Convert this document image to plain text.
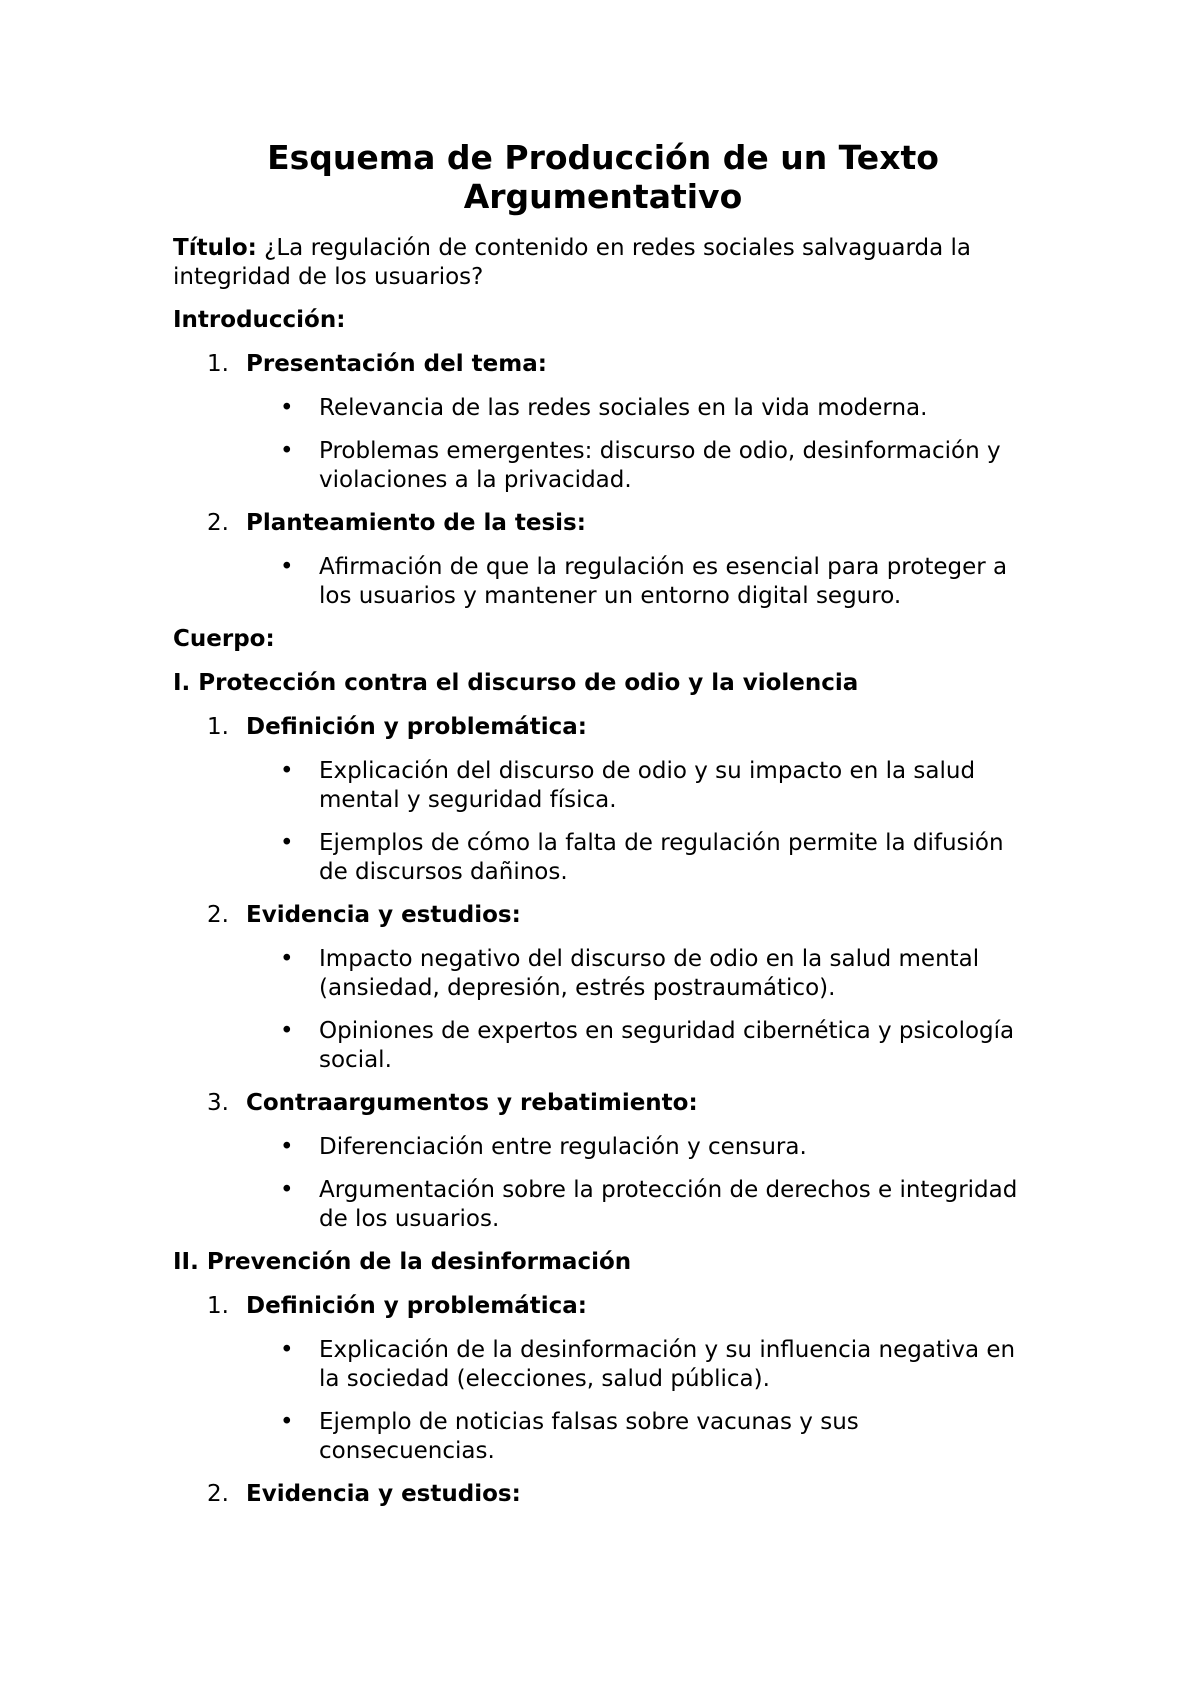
Esquema de Producción de un Texto Argumentativo

Título: ¿La regulación de contenido en redes sociales salvaguarda la integridad de los usuarios?

Introducción:

1. Presentación del tema:
• Relevancia de las redes sociales en la vida moderna.
• Problemas emergentes: discurso de odio, desinformación y violaciones a la privacidad.
2. Planteamiento de la tesis:
• Afirmación de que la regulación es esencial para proteger a los usuarios y mantener un entorno digital seguro.

Cuerpo:

I. Protección contra el discurso de odio y la violencia

1. Definición y problemática:
• Explicación del discurso de odio y su impacto en la salud mental y seguridad física.
• Ejemplos de cómo la falta de regulación permite la difusión de discursos dañinos.
2. Evidencia y estudios:
• Impacto negativo del discurso de odio en la salud mental (ansiedad, depresión, estrés postraumático).
• Opiniones de expertos en seguridad cibernética y psicología social.
3. Contraargumentos y rebatimiento:
• Diferenciación entre regulación y censura.
• Argumentación sobre la protección de derechos e integridad de los usuarios.

II. Prevención de la desinformación

1. Definición y problemática:
• Explicación de la desinformación y su influencia negativa en la sociedad (elecciones, salud pública).
• Ejemplo de noticias falsas sobre vacunas y sus consecuencias.
2. Evidencia y estudios:
